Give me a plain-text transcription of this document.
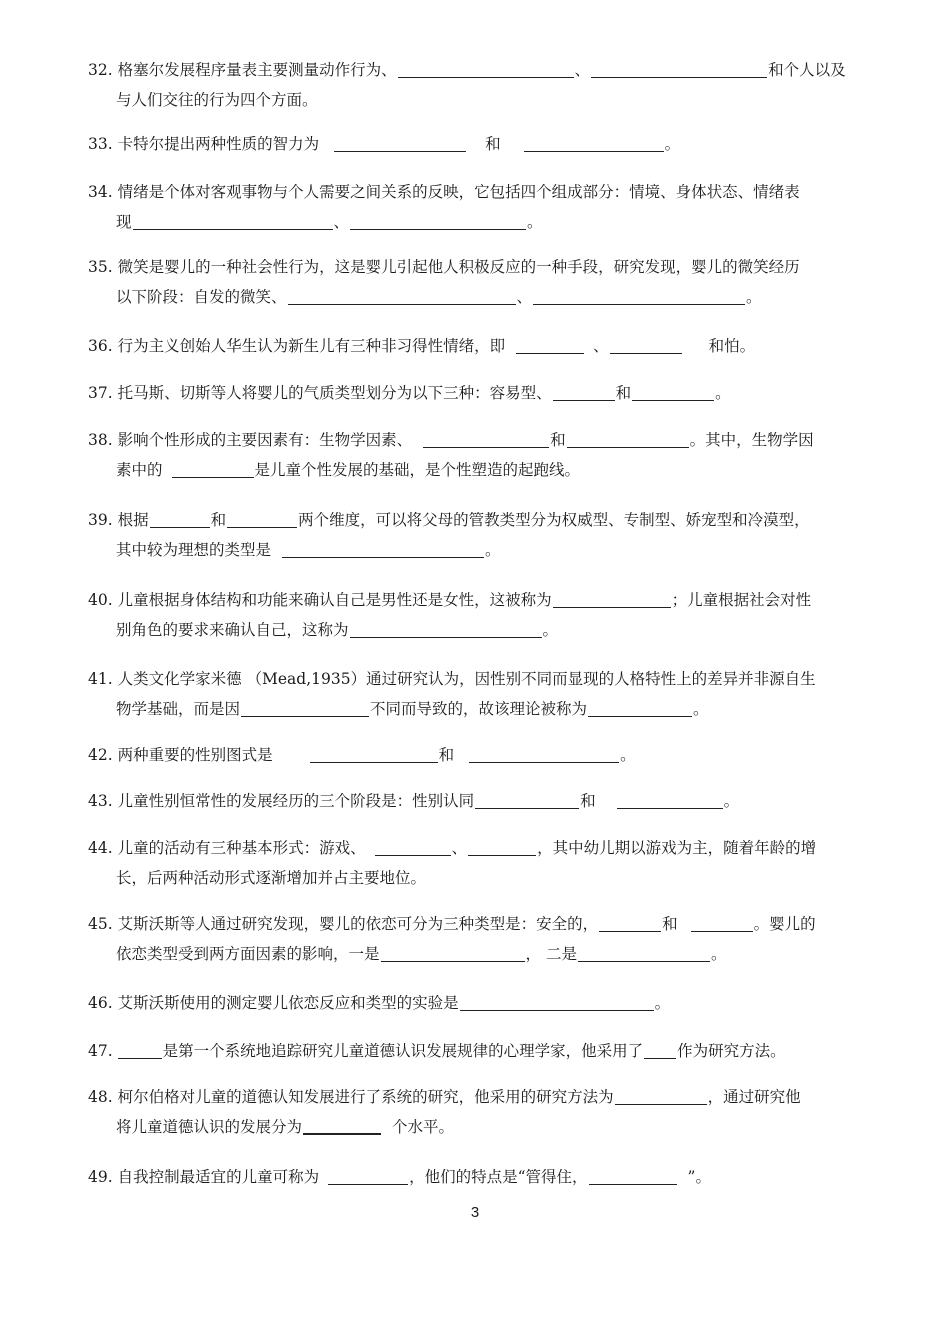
32. 格塞尔发展程序量表主要测量动作行为、	、	和个人以及
与人们交往的行为四个方面。
33. 卡特尔提出两种性质的智力为	和	。
34. 情绪是个体对客观事物与个人需要之间关系的反映，它包括四个组成部分：情境、身体状态、情绪表
现	、	。
35. 微笑是婴儿的一种社会性行为，这是婴儿引起他人积极反应的一种手段，研究发现，婴儿的微笑经历
以下阶段：自发的微笑、	、	。
36. 行为主义创始人华生认为新生儿有三种非习得性情绪，即	、	和怕。
37. 托马斯、切斯等人将婴儿的气质类型划分为以下三种：容易型、	和	。
38. 影响个性形成的主要因素有：生物学因素、	和	。其中，生物学因
素中的	是儿童个性发展的基础，是个性塑造的起跑线。
39. 根据	和	两个维度，可以将父母的管教类型分为权威型、专制型、娇宠型和冷漠型，
其中较为理想的类型是	。
40. 儿童根据身体结构和功能来确认自己是男性还是女性，这被称为	；儿童根据社会对性
别角色的要求来确认自己，这称为	。
41. 人类文化学家米德 （Mead,1935）通过研究认为，因性别不同而显现的人格特性上的差异并非源自生
物学基础，而是因	不同而导致的，故该理论被称为	。
42. 两种重要的性别图式是	和	。
43. 儿童性别恒常性的发展经历的三个阶段是：性别认同	和	。
44. 儿童的活动有三种基本形式：游戏、	、	，其中幼儿期以游戏为主，随着年龄的增
长，后两种活动形式逐渐增加并占主要地位。
45. 艾斯沃斯等人通过研究发现，婴儿的依恋可分为三种类型是：安全的，	和	。婴儿的
依恋类型受到两方面因素的影响，一是	， 二是	。
46. 艾斯沃斯使用的测定婴儿依恋反应和类型的实验是	。
47.	是第一个系统地追踪研究儿童道德认识发展规律的心理学家，他采用了 作为研究方法。
48. 柯尔伯格对儿童的道德认知发展进行了系统的研究，他采用的研究方法为	，通过研究他
将儿童道德认识的发展分为	个水平。
49. 自我控制最适宜的儿童可称为	，他们的特点是“管得住，	”。
3
